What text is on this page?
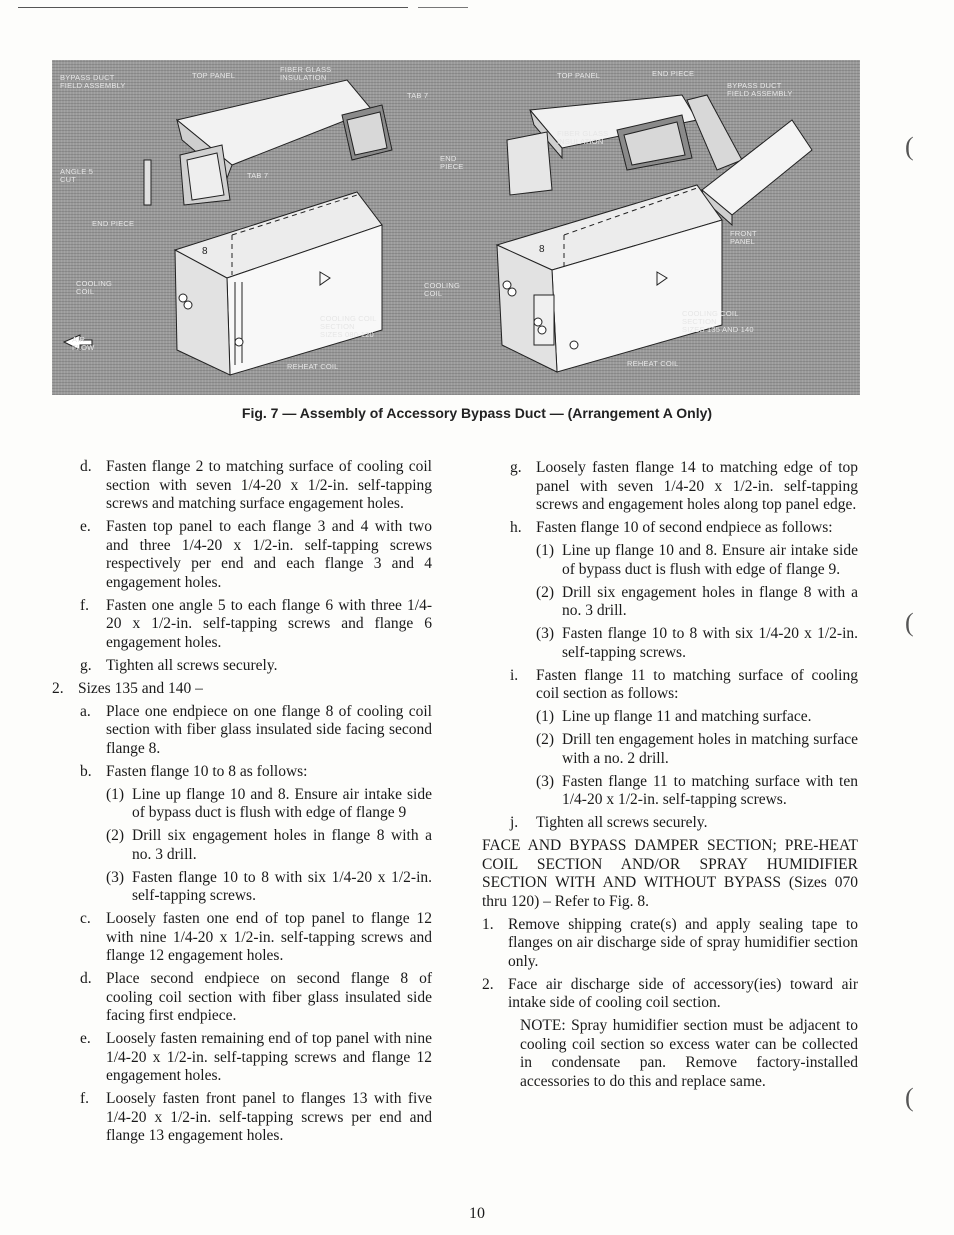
BYPASS DUCT
FIELD ASSEMBLY
TOP PANEL
FIBER GLASS
INSULATION
TAB 7
ANGLE 5
CUT	TAB 7
END PIECE
COOLING
COIL
AIR
FLOW
COOLING COIL
SECTION
SIZES 080-120
REHEAT COIL
END
PIECE
TOP PANEL	END PIECE
BYPASS DUCT
FIELD ASSEMBLY
FIBER GLASS
INSULATION
COOLING
COIL
FRONT
PANEL
COOLING COIL
SECTION
SIZES 135 AND 140
REHEAT COIL
8	8
Fig. 7 — Assembly of Accessory Bypass Duct — (Arrangement A Only)
d. Fasten flange 2 to matching surface of cooling coil section with seven 1/4-20 x 1/2-in. self-tapping screws and matching surface engagement holes.
e. Fasten top panel to each flange 3 and 4 with two and three 1/4-20 x 1/2-in. self-tapping screws respectively per end and each flange 3 and 4 engagement holes.
f. Fasten one angle 5 to each flange 6 with three 1/4-20 x 1/2-in. self-tapping screws and flange 6 engagement holes.
g. Tighten all screws securely.
2. Sizes 135 and 140 –
a. Place one endpiece on one flange 8 of cooling coil section with fiber glass insulated side facing second flange 8.
b. Fasten flange 10 to 8 as follows:
(1) Line up flange 10 and 8. Ensure air intake side of bypass duct is flush with edge of flange 9
(2) Drill six engagement holes in flange 8 with a no. 3 drill.
(3) Fasten flange 10 to 8 with six 1/4-20 x 1/2-in. self-tapping screws.
c. Loosely fasten one end of top panel to flange 12 with nine 1/4-20 x 1/2-in. self-tapping screws and flange 12 engagement holes.
d. Place second endpiece on second flange 8 of cooling coil section with fiber glass insulated side facing first endpiece.
e. Loosely fasten remaining end of top panel with nine 1/4-20 x 1/2-in. self-tapping screws and flange 12 engagement holes.
f. Loosely fasten front panel to flanges 13 with five 1/4-20 x 1/2-in. self-tapping screws per end and flange 13 engagement holes.
g. Loosely fasten flange 14 to matching edge of top panel with seven 1/4-20 x 1/2-in. self-tapping screws and engagement holes along top panel edge.
h. Fasten flange 10 of second endpiece as follows:
(1) Line up flange 10 and 8. Ensure air intake side of bypass duct is flush with edge of flange 9.
(2) Drill six engagement holes in flange 8 with a no. 3 drill.
(3) Fasten flange 10 to 8 with six 1/4-20 x 1/2-in. self-tapping screws.
i. Fasten flange 11 to matching surface of cooling coil section as follows:
(1) Line up flange 11 and matching surface.
(2) Drill ten engagement holes in matching surface with a no. 2 drill.
(3) Fasten flange 11 to matching surface with ten 1/4-20 x 1/2-in. self-tapping screws.
j. Tighten all screws securely.
FACE AND BYPASS DAMPER SECTION; PRE-HEAT COIL SECTION AND/OR SPRAY HUMIDIFIER SECTION WITH AND WITHOUT BYPASS (Sizes 070 thru 120) – Refer to Fig. 8.
1. Remove shipping crate(s) and apply sealing tape to flanges on air discharge side of spray humidifier section only.
2. Face air discharge side of accessory(ies) toward air intake side of cooling coil section.
NOTE: Spray humidifier section must be adjacent to cooling coil section so excess water can be collected in condensate pan. Remove factory-installed accessories to do this and replace same.
10
(
(
(
